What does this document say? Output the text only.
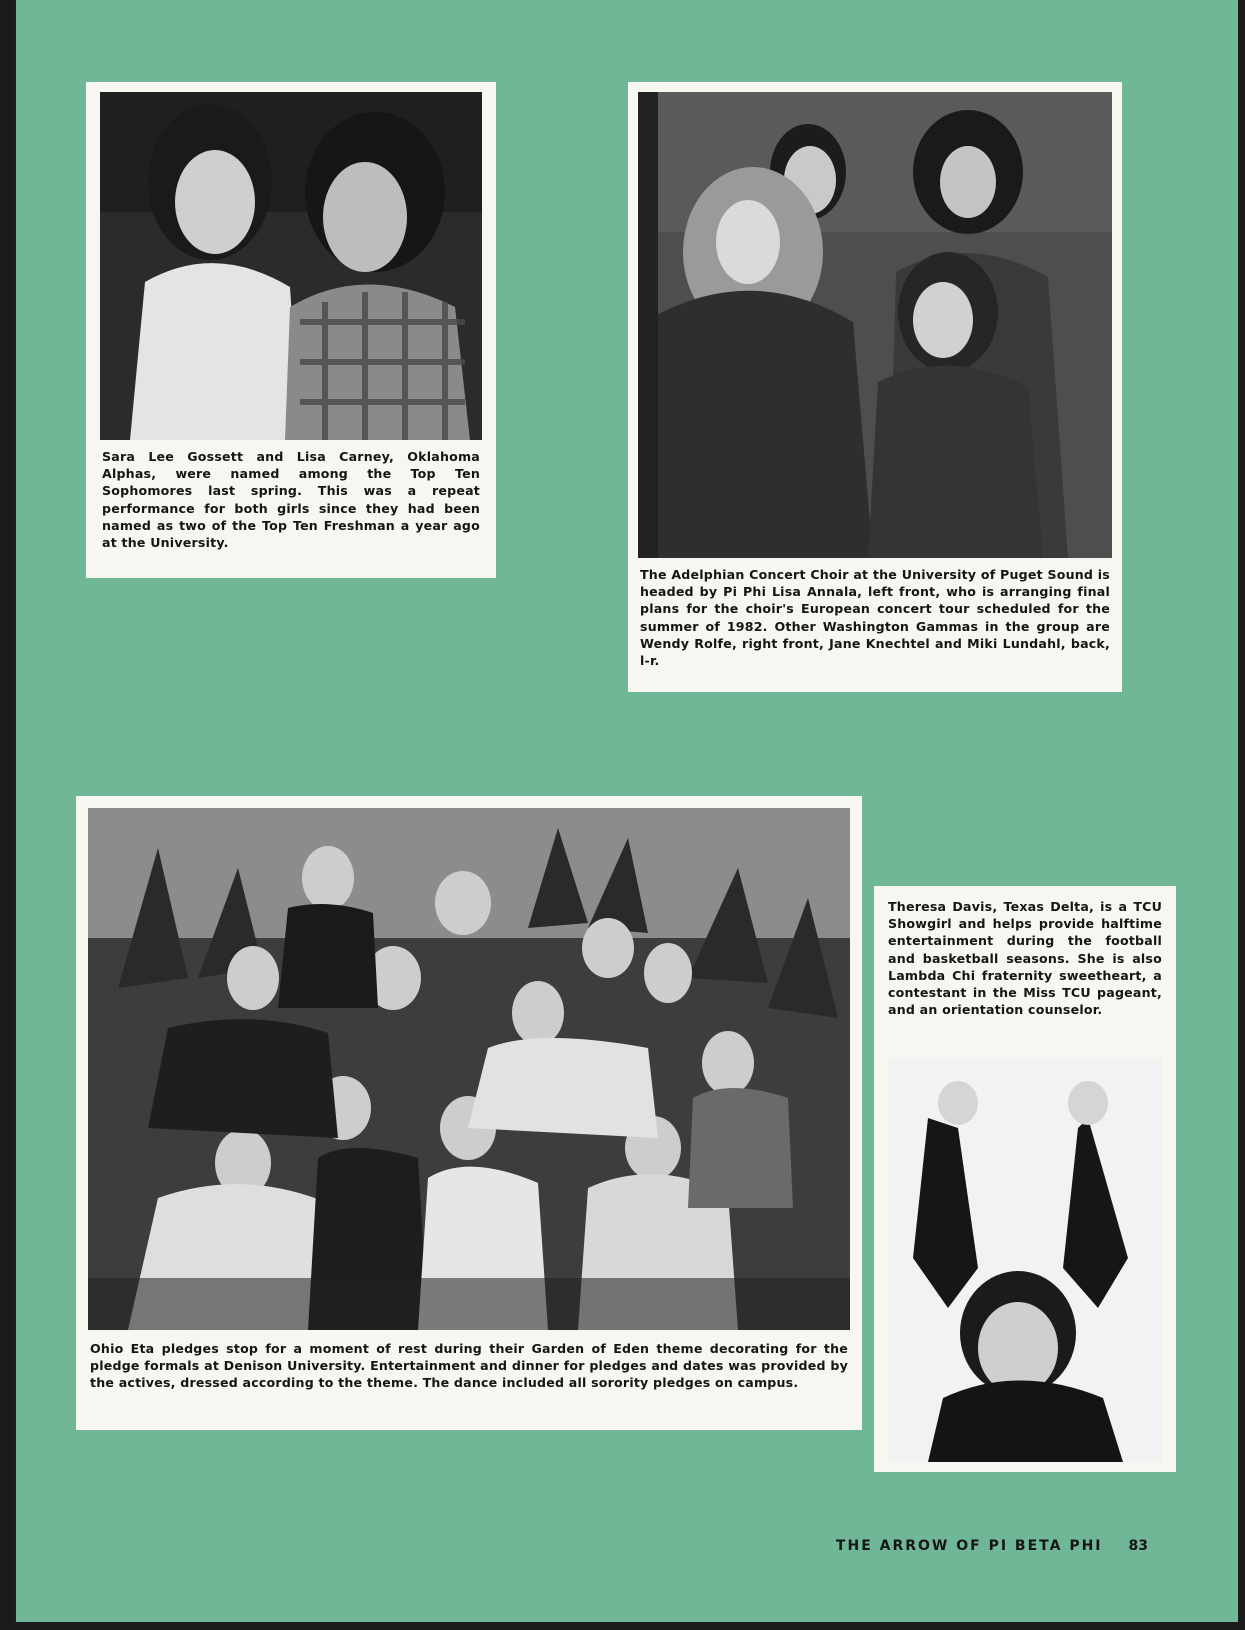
Sara Lee Gossett and Lisa Carney, Oklahoma Alphas, were named among the Top Ten Sophomores last spring. This was a repeat performance for both girls since they had been named as two of the Top Ten Freshman a year ago at the University.
The Adelphian Concert Choir at the University of Puget Sound is headed by Pi Phi Lisa Annala, left front, who is arranging final plans for the choir's European concert tour scheduled for the summer of 1982. Other Washington Gammas in the group are Wendy Rolfe, right front, Jane Knechtel and Miki Lundahl, back, l-r.
Ohio Eta pledges stop for a moment of rest during their Garden of Eden theme decorating for the pledge formals at Denison University. Entertainment and dinner for pledges and dates was provided by the actives, dressed according to the theme. The dance included all sorority pledges on campus.
Theresa Davis, Texas Delta, is a TCU Showgirl and helps provide halftime entertainment during the football and basketball seasons. She is also Lambda Chi fraternity sweetheart, a contestant in the Miss TCU pageant, and an orientation counselor.
THE ARROW OF PI BETA PHI 83
